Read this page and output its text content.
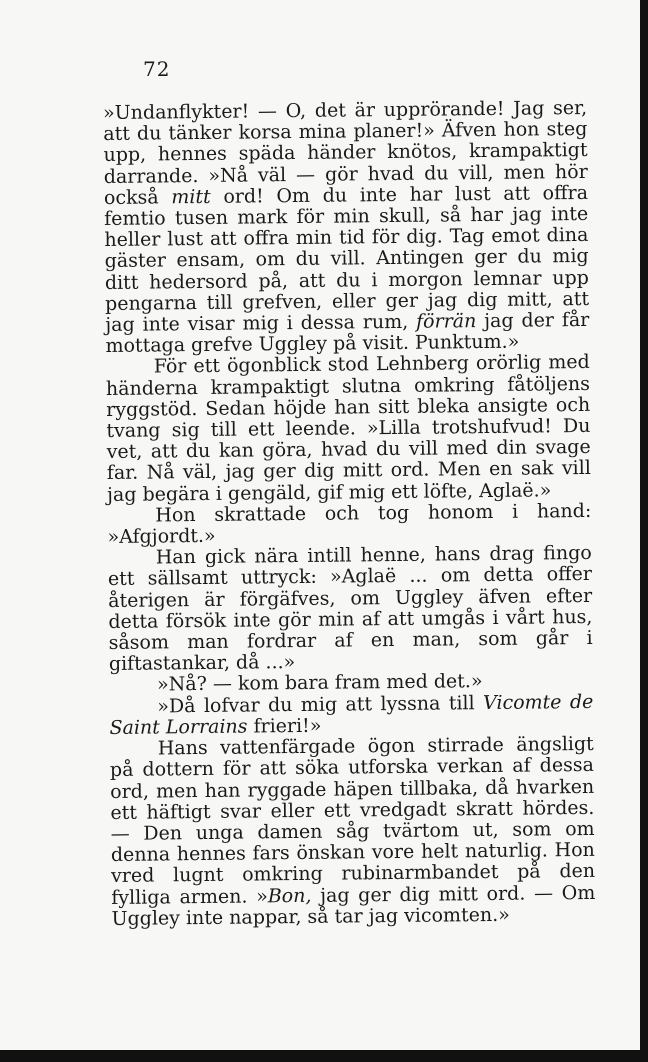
72

»Undanflykter! — O, det är upprörande! Jag ser, att du tänker korsa mina planer!» Äfven hon steg upp, hennes späda händer knötos, krampaktigt darrande. »Nå väl — gör hvad du vill, men hör också mitt ord! Om du inte har lust att offra femtio tusen mark för min skull, så har jag inte heller lust att offra min tid för dig. Tag emot dina gäster ensam, om du vill. Antingen ger du mig ditt hedersord på, att du i morgon lemnar upp pengarna till grefven, eller ger jag dig mitt, att jag inte visar mig i dessa rum, förrän jag der får mottaga grefve Uggley på visit. Punktum.»

För ett ögonblick stod Lehnberg orörlig med händerna krampaktigt slutna omkring fåtöljens ryggstöd. Sedan höjde han sitt bleka ansigte och tvang sig till ett leende. »Lilla trotshufvud! Du vet, att du kan göra, hvad du vill med din svage far. Nå väl, jag ger dig mitt ord. Men en sak vill jag begära i gengäld, gif mig ett löfte, Aglaë.»

Hon skrattade och tog honom i hand: »Afgjordt.»

Han gick nära intill henne, hans drag fingo ett sällsamt uttryck: »Aglaë ... om detta offer återigen är förgäfves, om Uggley äfven efter detta försök inte gör min af att umgås i vårt hus, såsom man fordrar af en man, som går i giftastankar, då ...»

»Nå? — kom bara fram med det.»

»Då lofvar du mig att lyssna till Vicomte de Saint Lorrains frieri!»

Hans vattenfärgade ögon stirrade ängsligt på dottern för att söka utforska verkan af dessa ord, men han ryggade häpen tillbaka, då hvarken ett häftigt svar eller ett vredgadt skratt hördes. — Den unga damen såg tvärtom ut, som om denna hennes fars önskan vore helt naturlig. Hon vred lugnt omkring rubinarmbandet på den fylliga armen. »Bon, jag ger dig mitt ord. — Om Uggley inte nappar, så tar jag vicomten.»
